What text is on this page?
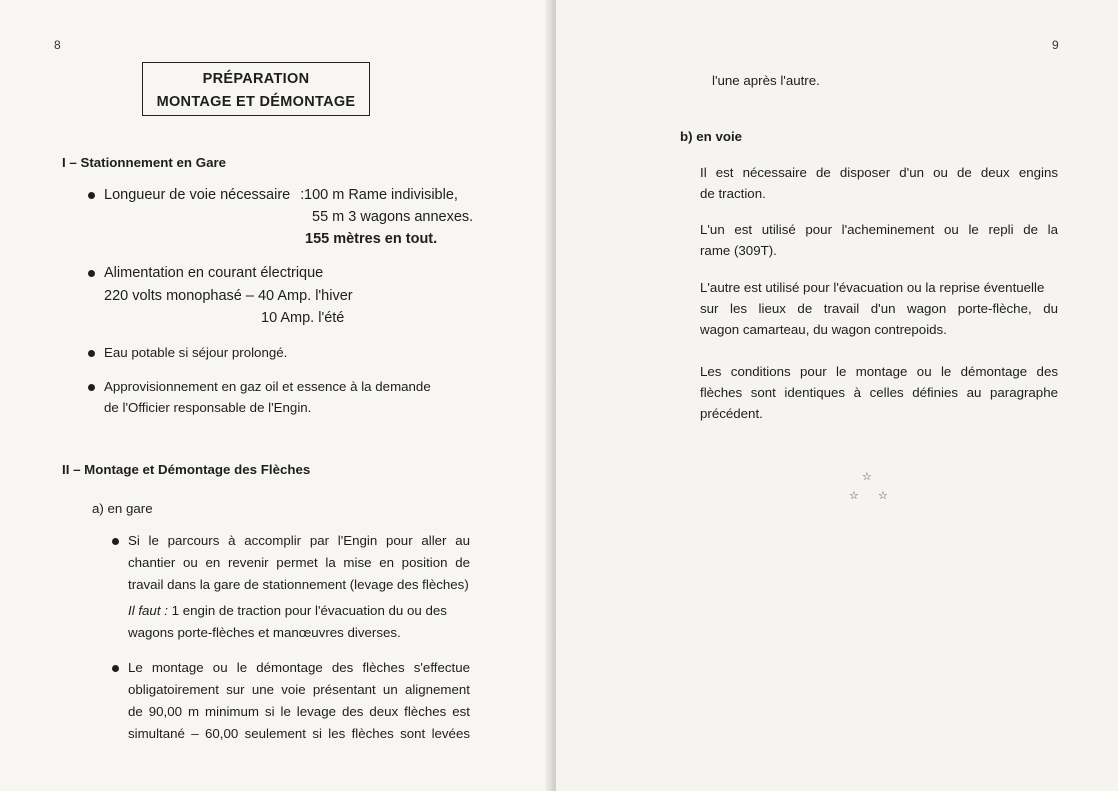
8
PRÉPARATION
MONTAGE ET DÉMONTAGE
I – Stationnement en Gare
Longueur de voie nécessaire : 100 m Rame indivisible,
55 m 3 wagons annexes.
155 mètres en tout.
Alimentation en courant électrique
220 volts monophasé – 40 Amp. l'hiver
10 Amp. l'été
Eau potable si séjour prolongé.
Approvisionnement en gaz oil et essence à la demande
de l'Officier responsable de l'Engin.
II – Montage et Démontage des Flèches
a) en gare
Si le parcours à accomplir par l'Engin pour aller au
chantier ou en revenir permet la mise en position de
travail dans la gare de stationnement (levage des flèches)
Il faut : 1 engin de traction pour l'évacuation du ou des
wagons porte-flèches et manœuvres diverses.
Le montage ou le démontage des flèches s'effectue
obligatoirement sur une voie présentant un alignement
de 90,00 m minimum si le levage des deux flèches est
simultané – 60,00 seulement si les flèches sont levées
9
l'une après l'autre.
b) en voie
Il est nécessaire de disposer d'un ou de deux engins
de traction.
L'un est utilisé pour l'acheminement ou le repli de la
rame (309T).
L'autre est utilisé pour l'évacuation ou la reprise éventuelle
sur les lieux de travail d'un wagon porte-flèche, du
wagon camarteau, du wagon contrepoids.
Les conditions pour le montage ou le démontage des
flèches sont identiques à celles définies au paragraphe
précédent.
☆
☆ ☆
